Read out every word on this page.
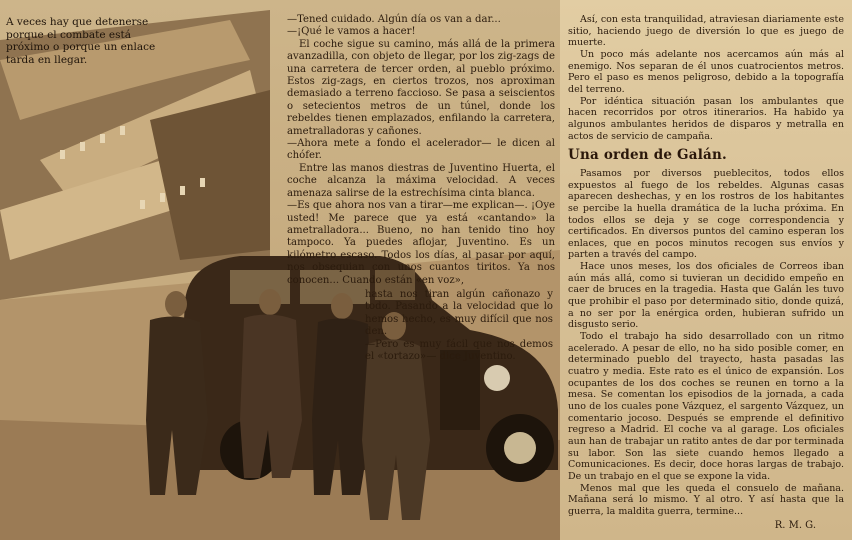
A veces hay que detenerse porque el combate está próximo o porque un enlace tarda en llegar.

—Tened cuidado. Algún día os van a dar...

—¡Qué le vamos a hacer!

El coche sigue su camino, más allá de la primera avanzadilla, con objeto de llegar, por los zig-zags de una carretera de tercer orden, al pueblo próximo. Estos zig-zags, en ciertos trozos, nos aproximan demasiado a terreno faccioso. Se pasa a seiscientos o setecientos metros de un túnel, donde los rebeldes tienen emplazados, enfilando la carretera, ametralladoras y cañones.

—Ahora mete a fondo el acelerador— le dicen al chófer.

Entre las manos diestras de Juventino Huerta, el coche alcanza la máxima velocidad. A veces amenaza salirse de la estrechísima cinta blanca.

—Es que ahora nos van a tirar—me explican—. ¡Oye usted! Me parece que ya está «cantando» la ametralladora... Bueno, no han tenido tino hoy tampoco. Ya puedes aflojar, Juventino. Es un kilómetro escaso. Todos los días, al pasar por aquí, nos obsequian con unos cuantos tiritos. Ya nos conocen... Cuando están «en voz»,

hasta nos tiran algún cañonazo y todo. Pasando a la velocidad que lo hemos hecho, es muy difícil que nos den.

—Pero es muy fácil que nos demos el «tortazo»— dice Juventino.

Así, con esta tranquilidad, atraviesan diariamente este sitio, haciendo juego de diversión lo que es juego de muerte.

Un poco más adelante nos acercamos aún más al enemigo. Nos separan de él unos cuatrocientos metros. Pero el paso es menos peligroso, debido a la topografía del terreno.

Por idéntica situación pasan los ambulantes que hacen recorridos por otros itinerarios. Ha habido ya algunos ambulantes heridos de disparos y metralla en actos de servicio de campaña.

Una orden de Galán.

Pasamos por diversos pueblecitos, todos ellos expuestos al fuego de los rebeldes. Algunas casas aparecen deshechas, y en los rostros de los habitantes se percibe la huella dramática de la lucha próxima. En todos ellos se deja y se coge correspondencia y certificados. En diversos puntos del camino esperan los enlaces, que en pocos minutos recogen sus envíos y parten a través del campo.

Hace unos meses, los dos oficiales de Correos iban aún más allá, como si tuvieran un decidido empeño en caer de bruces en la tragedia. Hasta que Galán les tuvo que prohibir el paso por determinado sitio, donde quizá, a no ser por la enérgica orden, hubieran sufrido un disgusto serio.

Todo el trabajo ha sido desarrollado con un ritmo acelerado. A pesar de ello, no ha sido posible comer, en determinado pueblo del trayecto, hasta pasadas las cuatro y media. Este rato es el único de expansión. Los ocupantes de los dos coches se reunen en torno a la mesa. Se comentan los episodios de la jornada, a cada uno de los cuales pone Vázquez, el sargento Vázquez, un comentario jocoso. Después se emprende el definitivo regreso a Madrid. El coche va al garage. Los oficiales aun han de trabajar un ratito antes de dar por terminada su labor. Son las siete cuando hemos llegado a Comunicaciones. Es decir, doce horas largas de trabajo. De un trabajo en el que se expone la vida.

Menos mal que les queda el consuelo de mañana. Mañana será lo mismo. Y al otro. Y así hasta que la guerra, la maldita guerra, termine...

R. M. G.
